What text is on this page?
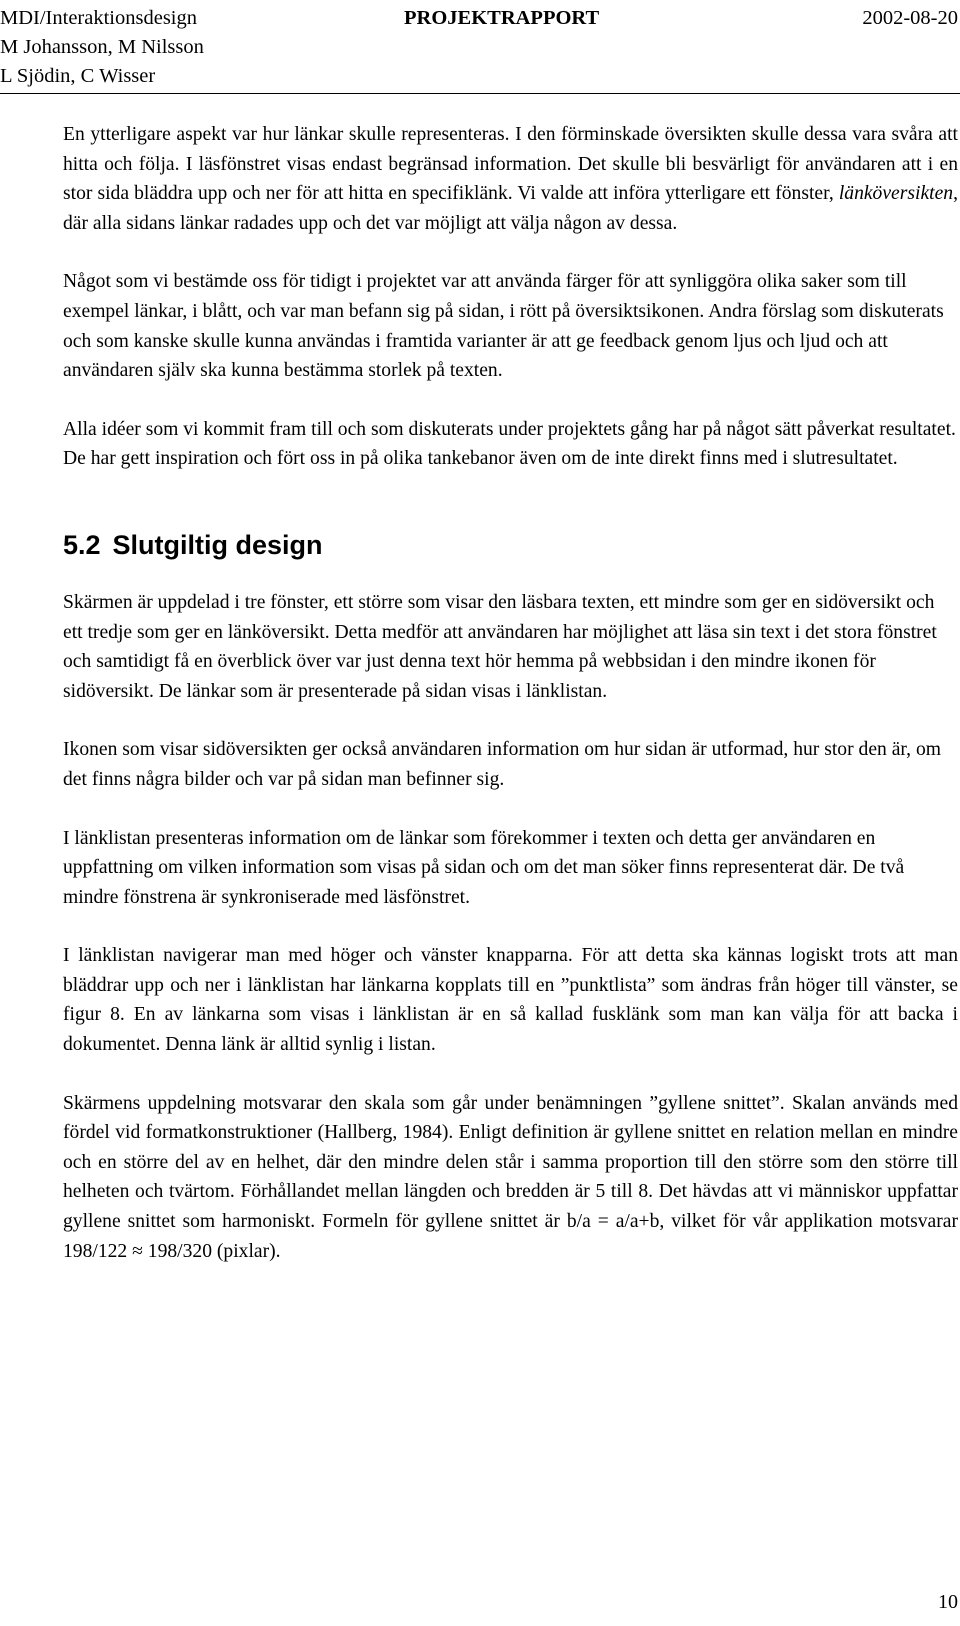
MDI/Interaktionsdesign
M Johansson, M Nilsson
L Sjödin, C Wisser
PROJEKTRAPPORT	2002-08-20

En ytterligare aspekt var hur länkar skulle representeras. I den förminskade översikten skulle dessa vara svåra att hitta och följa. I läsfönstret visas endast begränsad information. Det skulle bli besvärligt för användaren att i en stor sida bläddra upp och ner för att hitta en specifiklänk. Vi valde att införa ytterligare ett fönster, länköversikten, där alla sidans länkar radades upp och det var möjligt att välja någon av dessa.

Något som vi bestämde oss för tidigt i projektet var att använda färger för att synliggöra olika saker som till exempel länkar, i blått, och var man befann sig på sidan, i rött på översiktsikonen. Andra förslag som diskuterats och som kanske skulle kunna användas i framtida varianter är att ge feedback genom ljus och ljud och att användaren själv ska kunna bestämma storlek på texten.

Alla idéer som vi kommit fram till och som diskuterats under projektets gång har på något sätt påverkat resultatet. De har gett inspiration och fört oss in på olika tankebanor även om de inte direkt finns med i slutresultatet.

5.2 Slutgiltig design

Skärmen är uppdelad i tre fönster, ett större som visar den läsbara texten, ett mindre som ger en sidöversikt och ett tredje som ger en länköversikt. Detta medför att användaren har möjlighet att läsa sin text i det stora fönstret och samtidigt få en överblick över var just denna text hör hemma på webbsidan i den mindre ikonen för sidöversikt. De länkar som är presenterade på sidan visas i länklistan.

Ikonen som visar sidöversikten ger också användaren information om hur sidan är utformad, hur stor den är, om det finns några bilder och var på sidan man befinner sig.

I länklistan presenteras information om de länkar som förekommer i texten och detta ger användaren en uppfattning om vilken information som visas på sidan och om det man söker finns representerat där. De två mindre fönstrena är synkroniserade med läsfönstret.

I länklistan navigerar man med höger och vänster knapparna. För att detta ska kännas logiskt trots att man bläddrar upp och ner i länklistan har länkarna kopplats till en ”punktlista” som ändras från höger till vänster, se figur 8. En av länkarna som visas i länklistan är en så kallad fusklänk som man kan välja för att backa i dokumentet. Denna länk är alltid synlig i listan.

Skärmens uppdelning motsvarar den skala som går under benämningen ”gyllene snittet”. Skalan används med fördel vid formatkonstruktioner (Hallberg, 1984). Enligt definition är gyllene snittet en relation mellan en mindre och en större del av en helhet, där den mindre delen står i samma proportion till den större som den större till helheten och tvärtom. Förhållandet mellan längden och bredden är 5 till 8. Det hävdas att vi människor uppfattar gyllene snittet som harmoniskt. Formeln för gyllene snittet är b/a = a/a+b, vilket för vår applikation motsvarar 198/122 ≈ 198/320 (pixlar).

10
